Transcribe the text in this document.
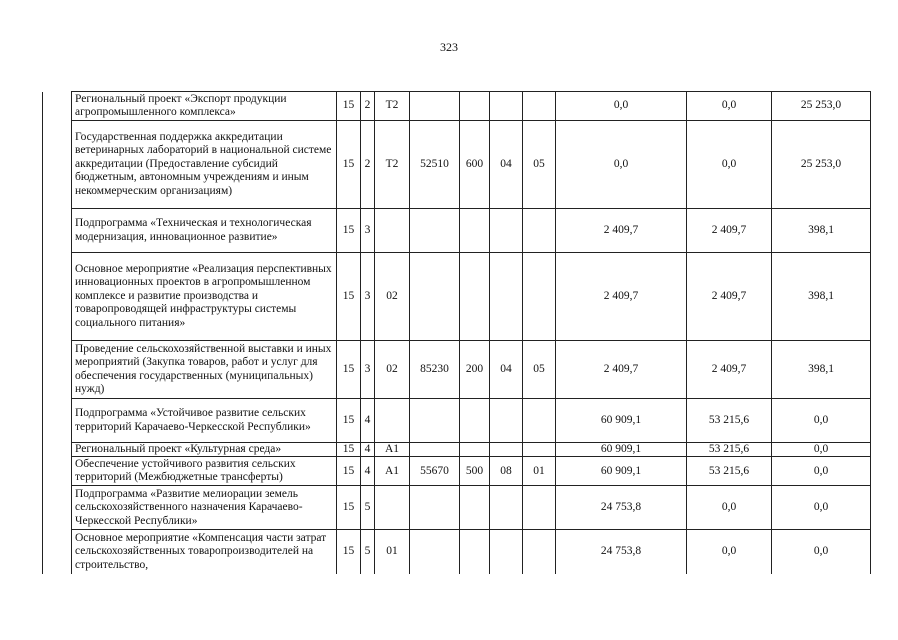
323
	Региональный проект «Экспорт продукции агропромышленного комплекса»	15	2	Т2					0,0	0,0	25 253,0
	Государственная поддержка аккредитации ветеринарных лабораторий в национальной системе аккредитации (Предоставление субсидий бюджетным, автономным учреждениям и иным некоммерческим организациям)	15	2	Т2	52510	600	04	05	0,0	0,0	25 253,0
	Подпрограмма «Техническая и технологическая модернизация, инновационное развитие»	15	3						2 409,7	2 409,7	398,1
	Основное мероприятие «Реализация перспективных инновационных проектов в агропромышленном комплексе и развитие производства и товаропроводящей инфраструктуры системы социального питания»	15	3	02					2 409,7	2 409,7	398,1
	Проведение сельскохозяйственной выставки и иных мероприятий (Закупка товаров, работ и услуг для обеспечения государственных (муниципальных) нужд)	15	3	02	85230	200	04	05	2 409,7	2 409,7	398,1
	Подпрограмма «Устойчивое развитие сельских территорий Карачаево-Черкесской Республики»	15	4						60 909,1	53 215,6	0,0
	Региональный проект «Культурная среда»	15	4	А1					60 909,1	53 215,6	0,0
	Обеспечение устойчивого развития сельских территорий (Межбюджетные трансферты)	15	4	А1	55670	500	08	01	60 909,1	53 215,6	0,0
	Подпрограмма «Развитие мелиорации земель сельскохозяйственного назначения Карачаево-Черкесской Республики»	15	5						24 753,8	0,0	0,0
	Основное мероприятие «Компенсация части затрат сельскохозяйственных товаропроизводителей на строительство,	15	5	01					24 753,8	0,0	0,0
